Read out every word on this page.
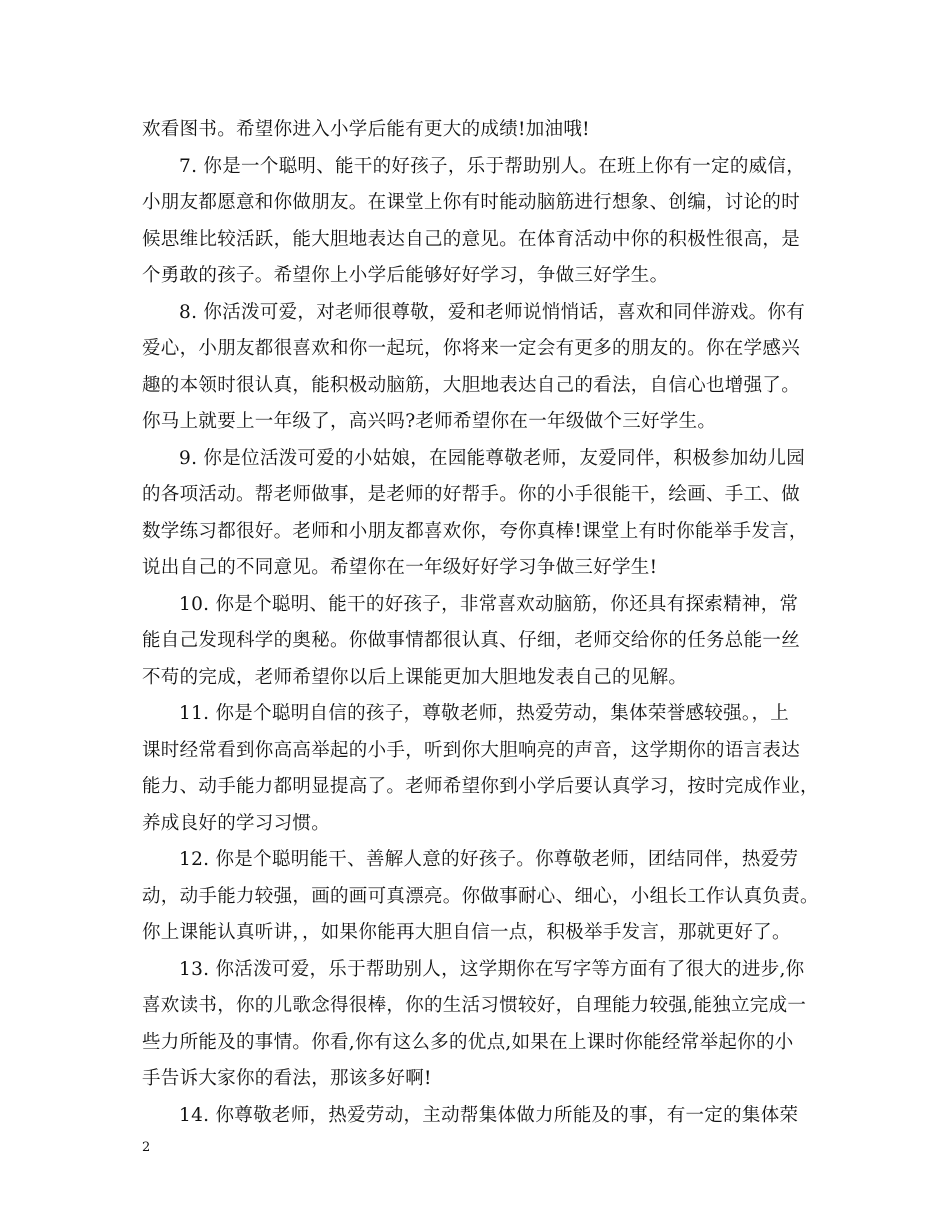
欢看图书。希望你进入小学后能有更大的成绩!加油哦!
7. 你是一个聪明、能干的好孩子，乐于帮助别人。在班上你有一定的威信，
小朋友都愿意和你做朋友。在课堂上你有时能动脑筋进行想象、创编，讨论的时
候思维比较活跃，能大胆地表达自己的意见。在体育活动中你的积极性很高，是
个勇敢的孩子。希望你上小学后能够好好学习，争做三好学生。
8. 你活泼可爱，对老师很尊敬，爱和老师说悄悄话，喜欢和同伴游戏。你有
爱心，小朋友都很喜欢和你一起玩，你将来一定会有更多的朋友的。你在学感兴
趣的本领时很认真，能积极动脑筋，大胆地表达自己的看法，自信心也增强了。
你马上就要上一年级了，高兴吗?老师希望你在一年级做个三好学生。
9. 你是位活泼可爱的小姑娘，在园能尊敬老师，友爱同伴，积极参加幼儿园
的各项活动。帮老师做事，是老师的好帮手。你的小手很能干，绘画、手工、做
数学练习都很好。老师和小朋友都喜欢你，夸你真棒!课堂上有时你能举手发言，
说出自己的不同意见。希望你在一年级好好学习争做三好学生!
10. 你是个聪明、能干的好孩子，非常喜欢动脑筋，你还具有探索精神，常
能自己发现科学的奥秘。你做事情都很认真、仔细，老师交给你的任务总能一丝
不苟的完成，老师希望你以后上课能更加大胆地发表自己的见解。
11. 你是个聪明自信的孩子，尊敬老师，热爱劳动，集体荣誉感较强。，上
课时经常看到你高高举起的小手，听到你大胆响亮的声音，这学期你的语言表达
能力、动手能力都明显提高了。老师希望你到小学后要认真学习，按时完成作业，
养成良好的学习习惯。
12. 你是个聪明能干、善解人意的好孩子。你尊敬老师，团结同伴，热爱劳
动，动手能力较强，画的画可真漂亮。你做事耐心、细心，小组长工作认真负责。
你上课能认真听讲，，如果你能再大胆自信一点，积极举手发言，那就更好了。
13. 你活泼可爱，乐于帮助别人，这学期你在写字等方面有了很大的进步,你
喜欢读书，你的儿歌念得很棒，你的生活习惯较好，自理能力较强,能独立完成一
些力所能及的事情。你看,你有这么多的优点,如果在上课时你能经常举起你的小
手告诉大家你的看法，那该多好啊!
14. 你尊敬老师，热爱劳动，主动帮集体做力所能及的事，有一定的集体荣
2
